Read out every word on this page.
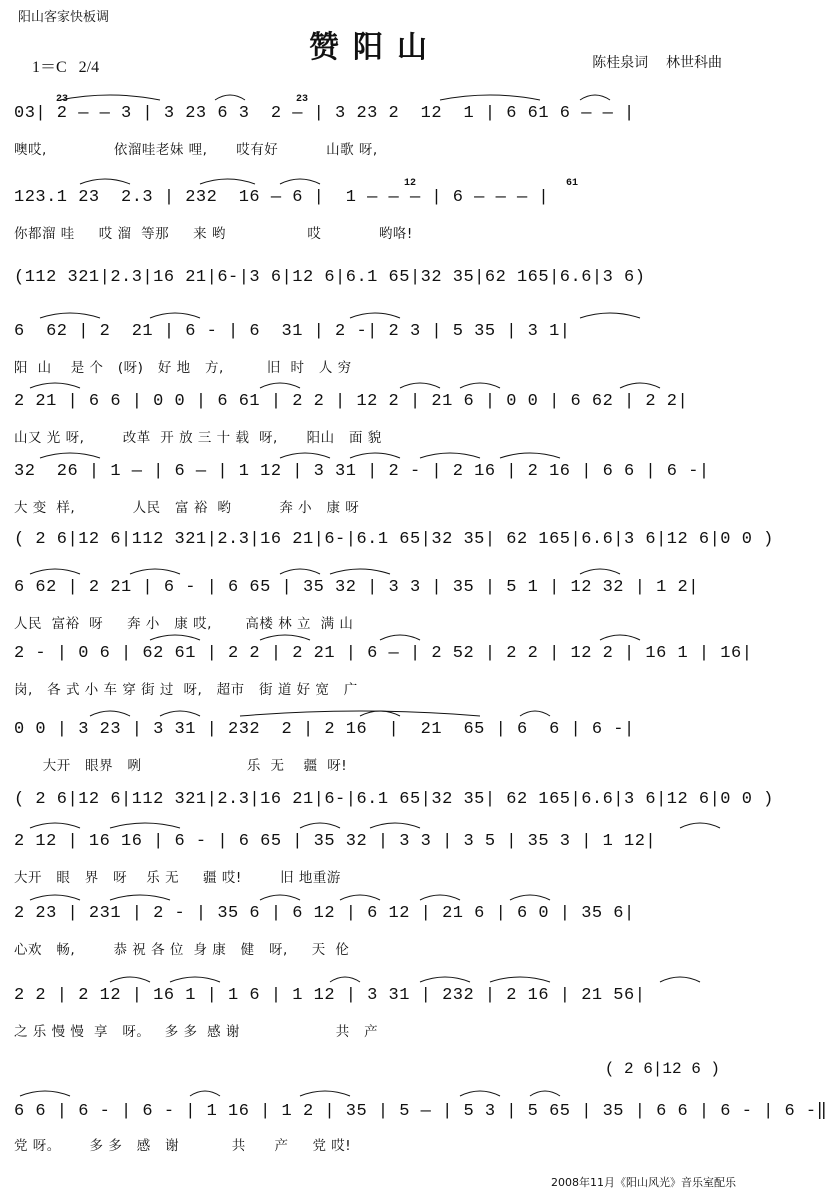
阳山客家快板调
赞阳山
1＝C   2/4	陈桂泉词    林世科曲
03| 2 — — 3 | 3 23 6 3  2 — | 3 23 2  12  1 | 6 61 6 — — |
噢哎,              依溜哇老妹 哩,      哎有好          山歌 呀,
123.1 23  2.3 | 232  16 — 6 |  1 — — — | 6 — — — |
你都溜 哇     哎 溜  等那     来 哟                 哎            哟咯!
(112 321|2.3|16 21|6-|3 6|12 6|6.1 65|32 35|62 165|6.6|3 6)
6  62 | 2  21 | 6 - | 6  31 | 2 -| 2 3 | 5 35 | 3 1|
阳  山    是 个   (呀)   好 地   方,         旧  时   人 穷
2 21 | 6 6 | 0 0 | 6 61 | 2 2 | 12 2 | 21 6 | 0 0 | 6 62 | 2 2|
山又 光 呀,        改革  开 放 三 十 载  呀,      阳山   面 貌
32  26 | 1 — | 6 — | 1 12 | 3 31 | 2 - | 2 16 | 2 16 | 6 6 | 6 -|
大 变  样,            人民   富 裕  哟          奔 小   康 呀
( 2 6|12 6|112 321|2.3|16 21|6-|6.1 65|32 35| 62 165|6.6|3 6|12 6|0 0 )
6 62 | 2 21 | 6 - | 6 65 | 35 32 | 3 3 | 35 | 5 1 | 12 32 | 1 2|
人民  富裕  呀     奔 小   康 哎,       高楼 林 立  满 山
2 - | 0 6 | 62 61 | 2 2 | 2 21 | 6 — | 2 52 | 2 2 | 12 2 | 16 1 | 16|
岗,   各 式 小 车 穿 街 过  呀,   超市   街 道 好 宽   广
0 0 | 3 23 | 3 31 | 232  2 | 2 16  |  21  65 | 6  6 | 6 -|
大开   眼界   咧                      乐  无    疆  呀!
( 2 6|12 6|112 321|2.3|16 21|6-|6.1 65|32 35| 62 165|6.6|3 6|12 6|0 0 )
2 12 | 16 16 | 6 - | 6 65 | 35 32 | 3 3 | 3 5 | 35 3 | 1 12|
大开   眼   界   呀    乐 无     疆 哎!        旧 地重游
2 23 | 231 | 2 - | 35 6 | 6 12 | 6 12 | 21 6 | 6 0 | 35 6|
心欢   畅,        恭 祝 各 位  身 康   健   呀,     天  伦
2 2 | 2 12 | 16 1 | 1 6 | 1 12 | 3 31 | 232 | 2 16 | 21 56|
之 乐 慢 慢  享   呀。   多 多  感 谢                    共   产
6 6 | 6 - | 6 - | 1 16 | 1 2 | 35 | 5 — | 5 3 | 5 65 | 35 | 6 6 | 6 - | 6 -‖
党 呀。      多 多   感   谢           共      产     党 哎!
( 2 6|12 6 )
23	23
12	61
2008年11月《阳山风光》音乐室配乐
